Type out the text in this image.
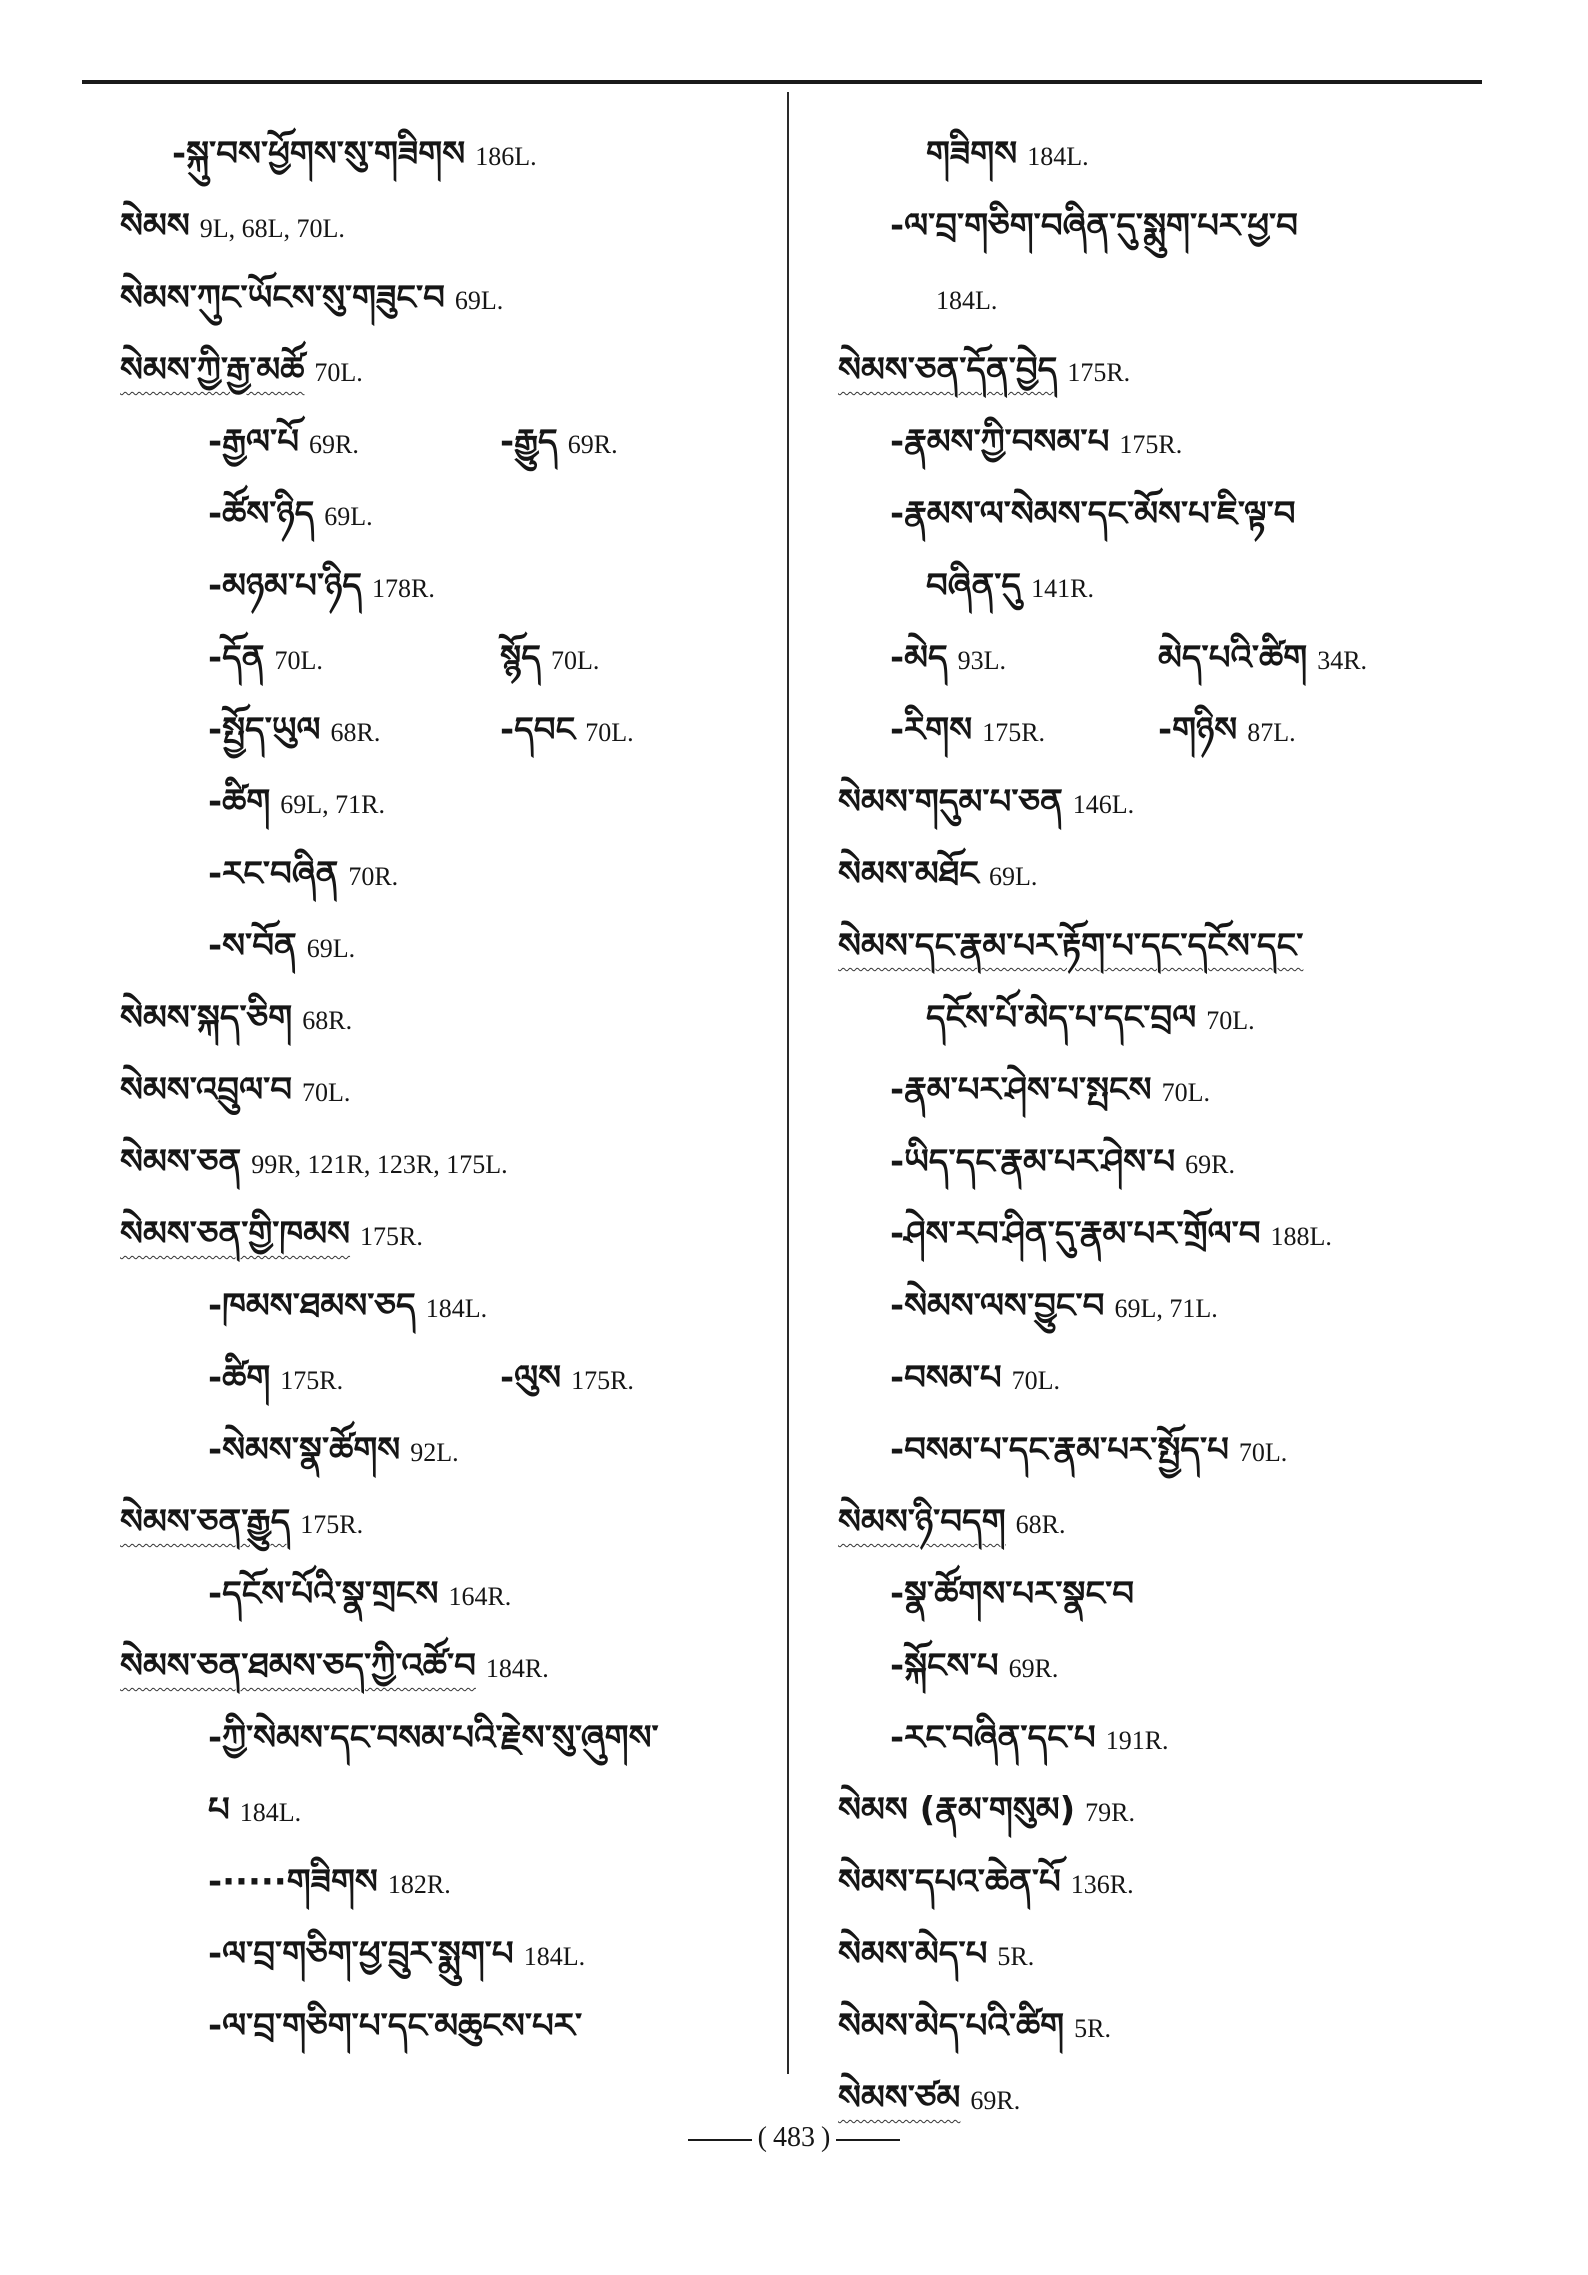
-སྐུ་བས་ཕྱོགས་སུ་གཟིགས 186L.
སེམས 9L, 68L, 70L.
སེམས་ཀུང་ཡོངས་སུ་གཟུང་བ 69L.
སེམས་ཀྱི་རྒྱ་མཚོ 70L.
-རྒྱལ་པོ 69R.	-རྒྱུད 69R.
-ཚོས་ཉིད 69L.
-མཉམ་པ་ཉིད 178R.
-དོན 70L.	སྙོད 70L.
-སྤྱོད་ཡུལ 68R.	-དབང 70L.
-ཚིག 69L, 71R.
-རང་བཞིན 70R.
-ས་བོན 69L.
སེམས་སྐད་ཅིག 68R.
སེམས་འབྲུལ་བ 70L.
སེམས་ཅན 99R, 121R, 123R, 175L.
སེམས་ཅན་གྱི་ཁམས 175R.
-ཁམས་ཐམས་ཅད 184L.
-ཚིག 175R.	-ལུས 175R.
-སེམས་སྣ་ཚོགས 92L.
སེམས་ཅན་རྒྱུད 175R.
-དངོས་པོའི་སྣ་གྲངས 164R.
སེམས་ཅན་ཐམས་ཅད་ཀྱི་འཚོ་བ 184R.
-ཀྱི་སེམས་དང་བསམ་པའི་རྗེས་སུ་ཞུགས་
པ 184L.
-·····གཟིགས 182R.
-ལ་བྲ་གཅིག་ཕྱ་བྲུར་སྨུག་པ 184L.
-ལ་བྲ་གཅིག་པ་དང་མཆུངས་པར་
གཟིགས 184L.
-ལ་བྲ་གཅིག་བཞིན་དུ་སྨུག་པར་ཕྱ་བ
184L.
སེམས་ཅན་དོན་བྱེད 175R.
-རྣམས་ཀྱི་བསམ་པ 175R.
-རྣམས་ལ་སེམས་དང་མོས་པ་ཇི་ལྟ་བ
བཞིན་དུ 141R.
-མེད 93L.	མེད་པའི་ཚིག 34R.
-རིགས 175R.	-གཉིས 87L.
སེམས་གདུམ་པ་ཅན 146L.
སེམས་མཐོང 69L.
སེམས་དང་རྣམ་པར་རྟོག་པ་དང་དངོས་དང་
དངོས་པོ་མེད་པ་དང་བྲལ 70L.
-རྣམ་པར་ཤེས་པ་སྤངས 70L.
-ཡིད་དང་རྣམ་པར་ཤེས་པ 69R.
-ཤེས་རབ་ཤིན་དུ་རྣམ་པར་གྲོལ་བ 188L.
-སེམས་ལས་བྱུང་བ 69L, 71L.
-བསམ་པ 70L.
-བསམ་པ་དང་རྣམ་པར་སྤྱོད་པ 70L.
སེམས་ཉི་བདག 68R.
-སྣ་ཚོགས་པར་སྣང་བ
-སྐོངས་པ 69R.
-རང་བཞིན་དང་པ 191R.
སེམས (རྣམ་གསུམ) 79R.
སེམས་དཔའ་ཆེན་པོ 136R.
སེམས་མེད་པ 5R.
སེམས་མེད་པའི་ཚིག 5R.
སེམས་ཙམ 69R.
( 483 )
